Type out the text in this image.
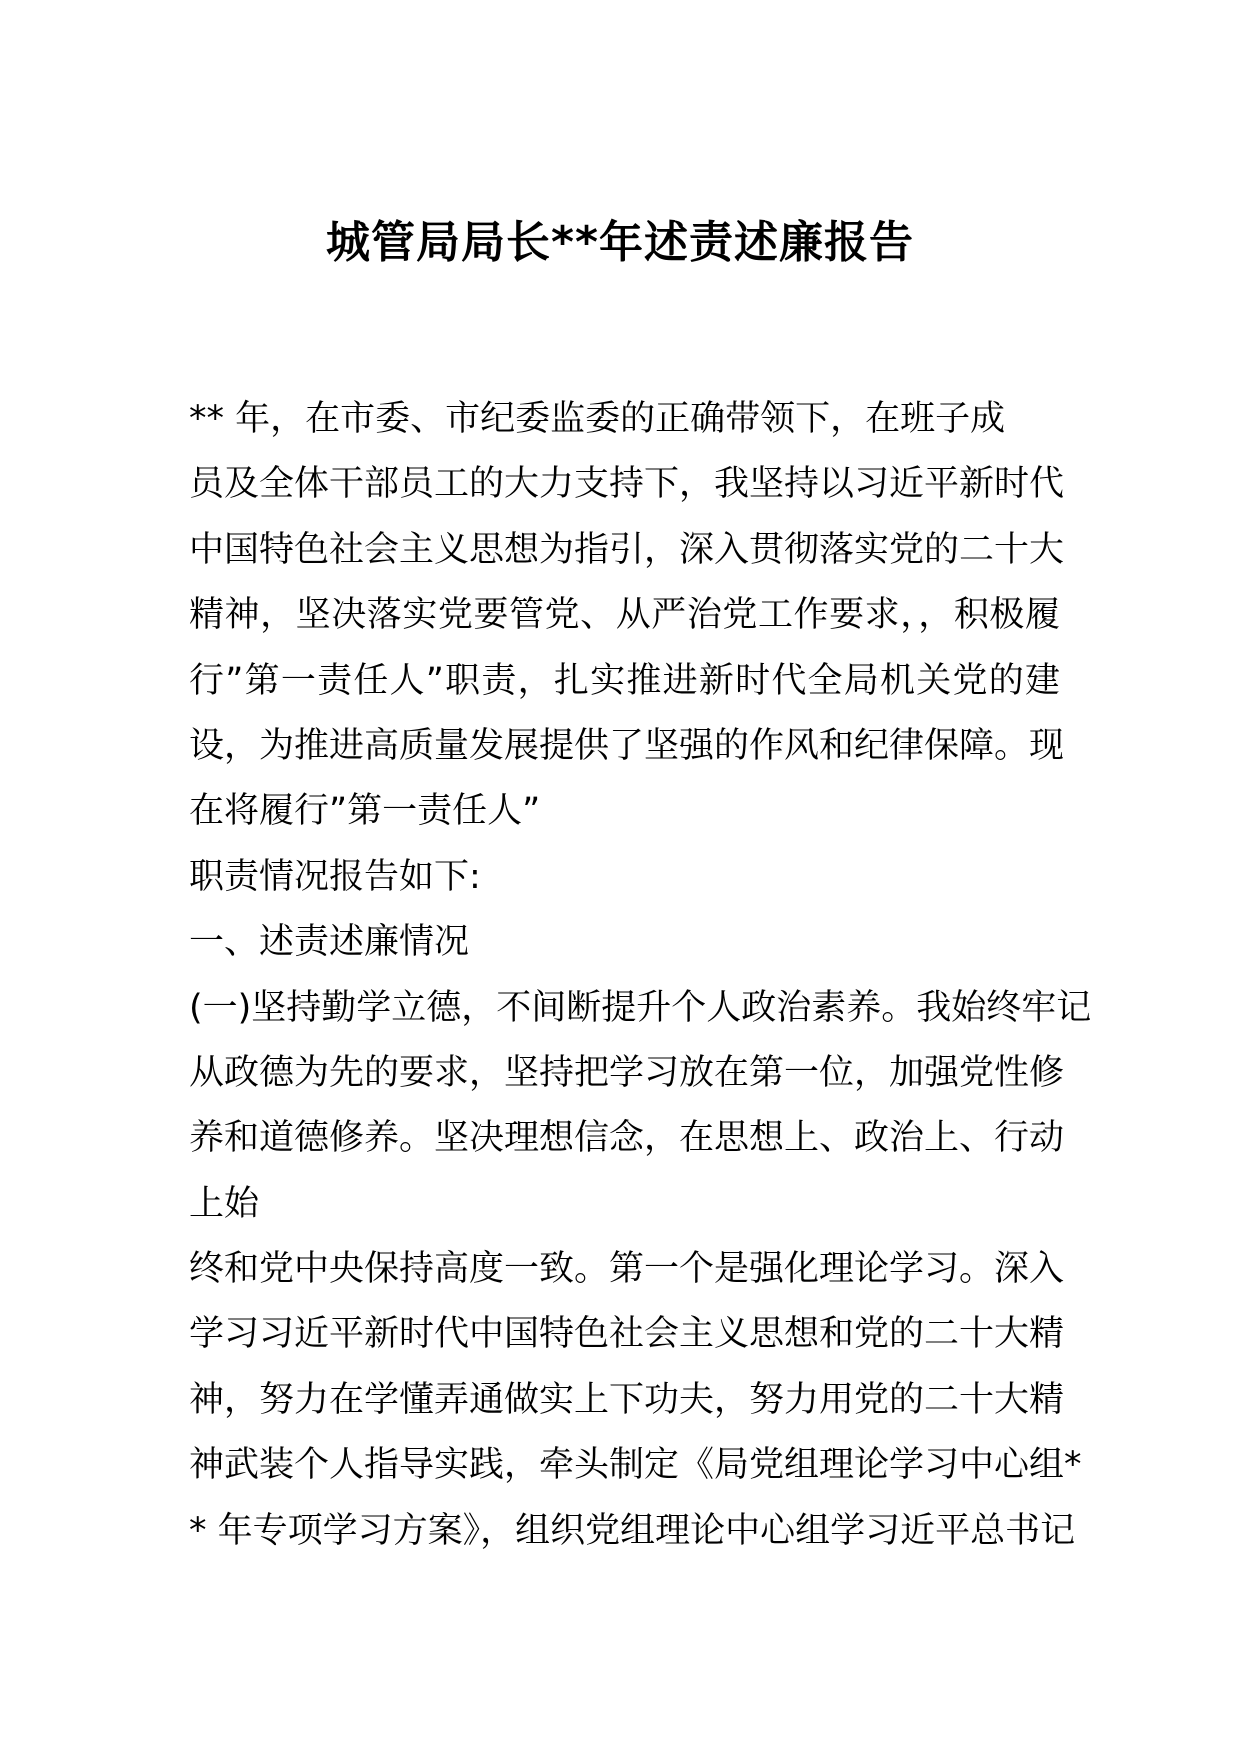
城管局局长**年述责述廉报告
** 年，在市委、市纪委监委的正确带领下，在班子成
员及全体干部员工的大力支持下，我坚持以习近平新时代
中国特色社会主义思想为指引，深入贯彻落实党的二十大
精神，坚决落实党要管党、从严治党工作要求，，积极履
行”第一责任人”职责，扎实推进新时代全局机关党的建
设，为推进高质量发展提供了坚强的作风和纪律保障。现
在将履行”第一责任人”
职责情况报告如下:
一、述责述廉情况
(一)坚持勤学立德，不间断提升个人政治素养。我始终牢记
从政德为先的要求，坚持把学习放在第一位，加强党性修
养和道德修养。坚决理想信念，在思想上、政治上、行动
上始
终和党中央保持高度一致。第一个是强化理论学习。深入
学习习近平新时代中国特色社会主义思想和党的二十大精
神，努力在学懂弄通做实上下功夫，努力用党的二十大精
神武装个人指导实践，牵头制定《局党组理论学习中心组*
* 年专项学习方案》，组织党组理论中心组学习近平总书记
